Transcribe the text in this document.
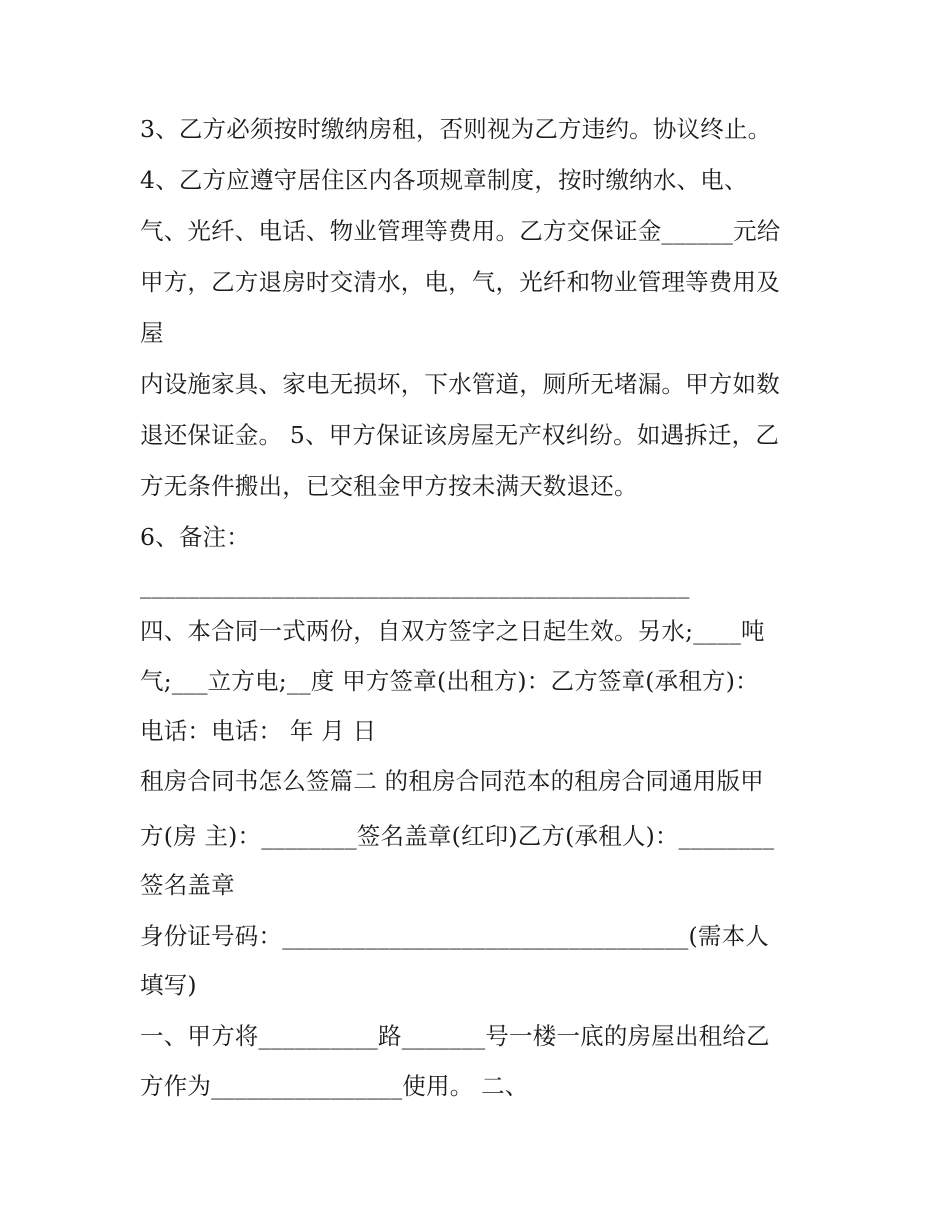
3、乙方必须按时缴纳房租，否则视为乙方违约。协议终止。
4、乙方应遵守居住区内各项规章制度，按时缴纳水、电、
气、光纤、电话、物业管理等费用。乙方交保证金______元给
甲方，乙方退房时交清水，电，气，光纤和物业管理等费用及
屋
内设施家具、家电无损坏，下水管道，厕所无堵漏。甲方如数
退还保证金。 5、甲方保证该房屋无产权纠纷。如遇拆迁，乙
方无条件搬出，已交租金甲方按未满天数退还。
6、备注：
______________________________________________
四、本合同一式两份，自双方签字之日起生效。另水;____吨
气;___立方电;__度 甲方签章(出租方)：乙方签章(承租方)：
电话：电话： 年 月 日
租房合同书怎么签篇二 的租房合同范本的租房合同通用版甲
方(房 主)：________签名盖章(红印)乙方(承租人)：________
签名盖章
身份证号码：__________________________________(需本人
填写)
一、甲方将__________路_______号一楼一底的房屋出租给乙
方作为________________使用。 二、
